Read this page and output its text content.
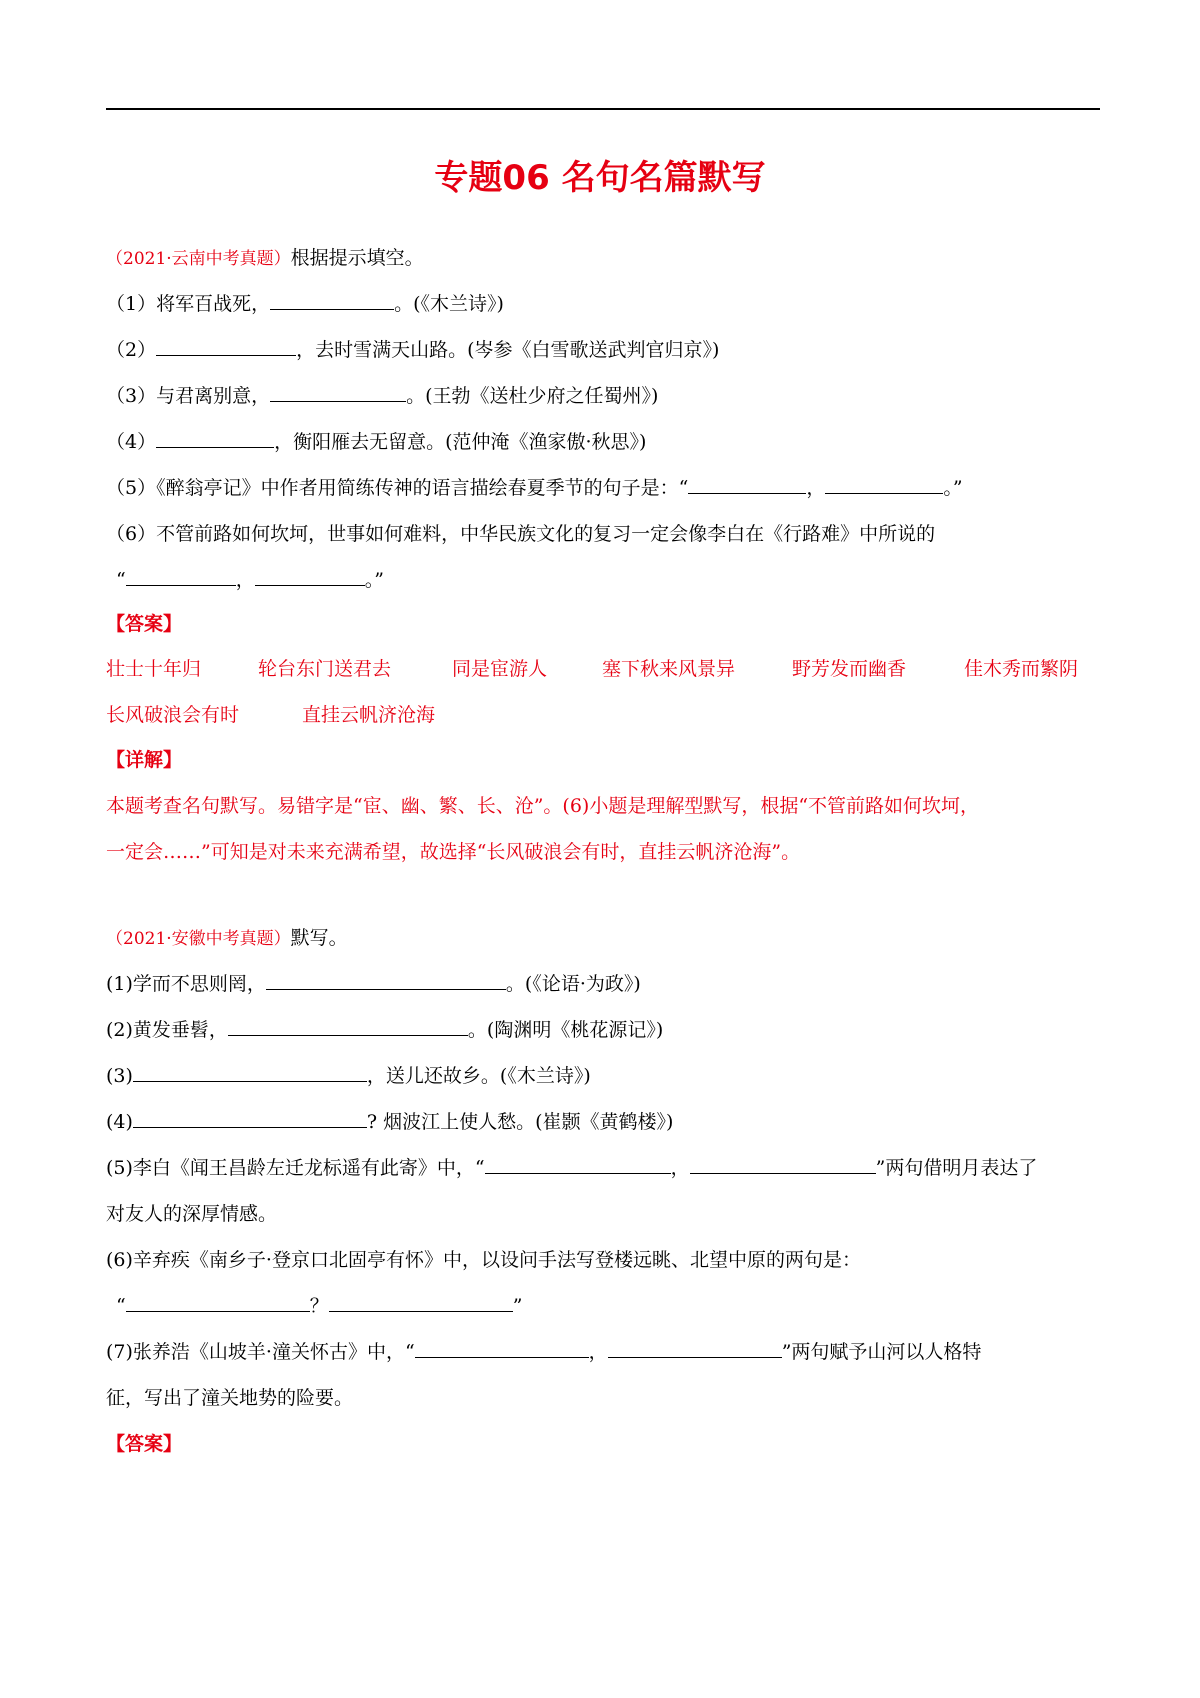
专题06 名句名篇默写
（2021·云南中考真题）根据提示填空。
（1）将军百战死，	。(《木兰诗》)
（2）	，去时雪满天山路。(岑参《白雪歌送武判官归京》)
（3）与君离别意，	。(王勃《送杜少府之任蜀州》)
（4）	，衡阳雁去无留意。(范仲淹《渔家傲·秋思》)
（5）《醉翁亭记》中作者用简练传神的语言描绘春夏季节的句子是：“	，	。”
（6）不管前路如何坎坷，世事如何难料，中华民族文化的复习一定会像李白在《行路难》中所说的
“	，	。”
【答案】
壮士十年归	轮台东门送君去	同是宦游人	塞下秋来风景异	野芳发而幽香	佳木秀而繁阴
长风破浪会有时	直挂云帆济沧海
【详解】
本题考查名句默写。易错字是“宦、幽、繁、长、沧”。(6)小题是理解型默写，根据“不管前路如何坎坷，
一定会……”可知是对未来充满希望，故选择“长风破浪会有时，直挂云帆济沧海”。
（2021·安徽中考真题）默写。
(1)学而不思则罔，	。(《论语·为政》)
(2)黄发垂髫，	。(陶渊明《桃花源记》)
(3)	，送儿还故乡。(《木兰诗》)
(4)	? 烟波江上使人愁。(崔颢《黄鹤楼》)
(5)李白《闻王昌龄左迁龙标遥有此寄》中，“	，	”两句借明月表达了
对友人的深厚情感。
(6)辛弃疾《南乡子·登京口北固亭有怀》中，以设问手法写登楼远眺、北望中原的两句是：
“	？	”
(7)张养浩《山坡羊·潼关怀古》中，“	，	”两句赋予山河以人格特
征，写出了潼关地势的险要。
【答案】
